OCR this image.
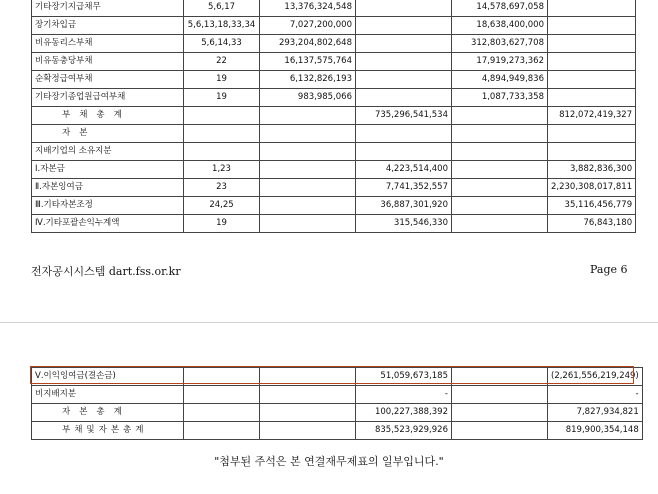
기타장기지급채무	5,6,17	13,376,324,548		14,578,697,058	
장기차입금	5,6,13,18,33,34	7,027,200,000		18,638,400,000	
비유동리스부채	5,6,14,33	293,204,802,648		312,803,627,708	
비유동충당부채	22	16,137,575,764		17,919,273,362	
순확정급여부채	19	6,132,826,193		4,894,949,836	
기타장기종업원급여부채	19	983,985,066		1,087,733,358	
부채총계			735,296,541,534		812,072,419,327
자본					
지배기업의 소유지분					
Ⅰ.자본금	1,23		4,223,514,400		3,882,836,300
Ⅱ.자본잉여금	23		7,741,352,557		2,230,308,017,811
Ⅲ.기타자본조정	24,25		36,887,301,920		35,116,456,779
Ⅳ.기타포괄손익누계액	19		315,546,330		76,843,180
전자공시시스템 dart.fss.or.kr	Page 6
Ⅴ.이익잉여금(결손금)			51,059,673,185		(2,261,556,219,249)
비지배지분			-		-
자본총계			100,227,388,392		7,827,934,821
부채및자본총계			835,523,929,926		819,900,354,148
"첨부된 주석은 본 연결재무제표의 일부입니다."
